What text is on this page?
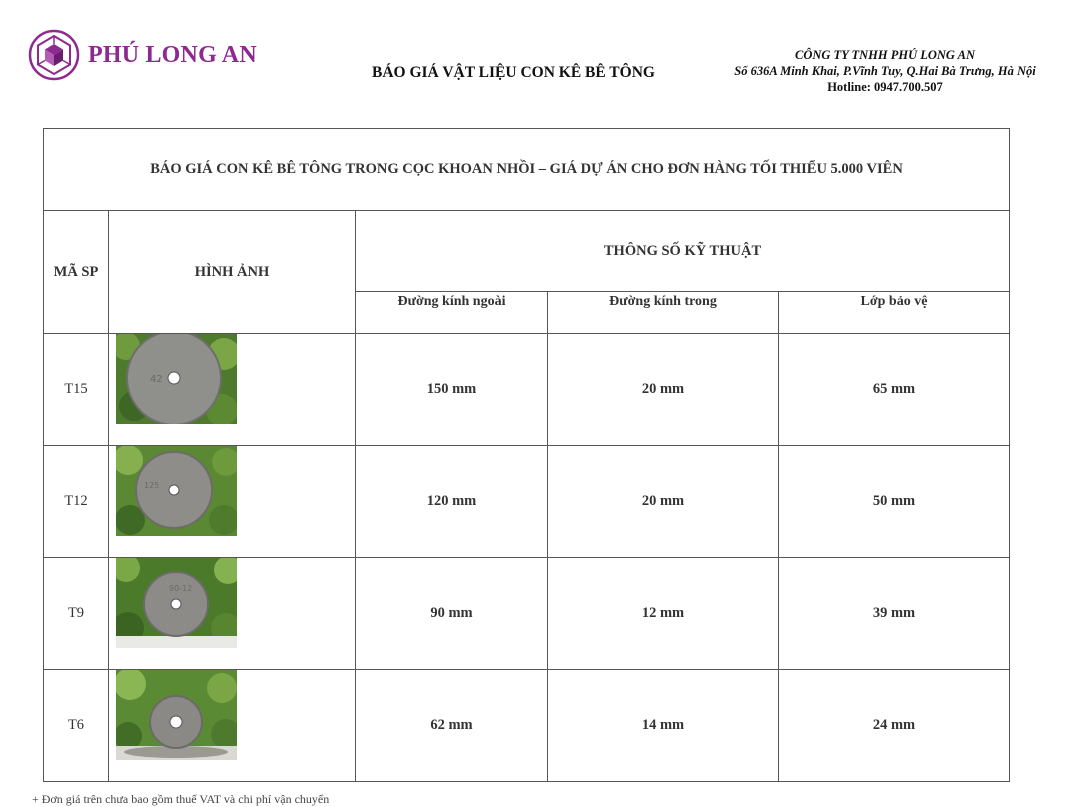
PHÚ LONG AN
BÁO GIÁ VẬT LIỆU CON KÊ BÊ TÔNG
CÔNG TY TNHH PHÚ LONG AN
Số 636A Minh Khai, P.Vĩnh Tuy, Q.Hai Bà Trưng, Hà Nội
Hotline: 0947.700.507
BÁO GIÁ CON KÊ BÊ TÔNG TRONG CỌC KHOAN NHỒI – GIÁ DỰ ÁN CHO ĐƠN HÀNG TỐI THIỂU 5.000 VIÊN				
MÃ SP	HÌNH ẢNH	THÔNG SỐ KỸ THUẬT		
		Đường kính ngoài	Đường kính trong	Lớp bảo vệ
T15	42	150 mm	20 mm	65 mm
T12	125	120 mm	20 mm	50 mm
T9	90-12	90 mm	12 mm	39 mm
T6		62 mm	14 mm	24 mm
+ Đơn giá trên chưa bao gồm thuế VAT và chi phí vận chuyển
